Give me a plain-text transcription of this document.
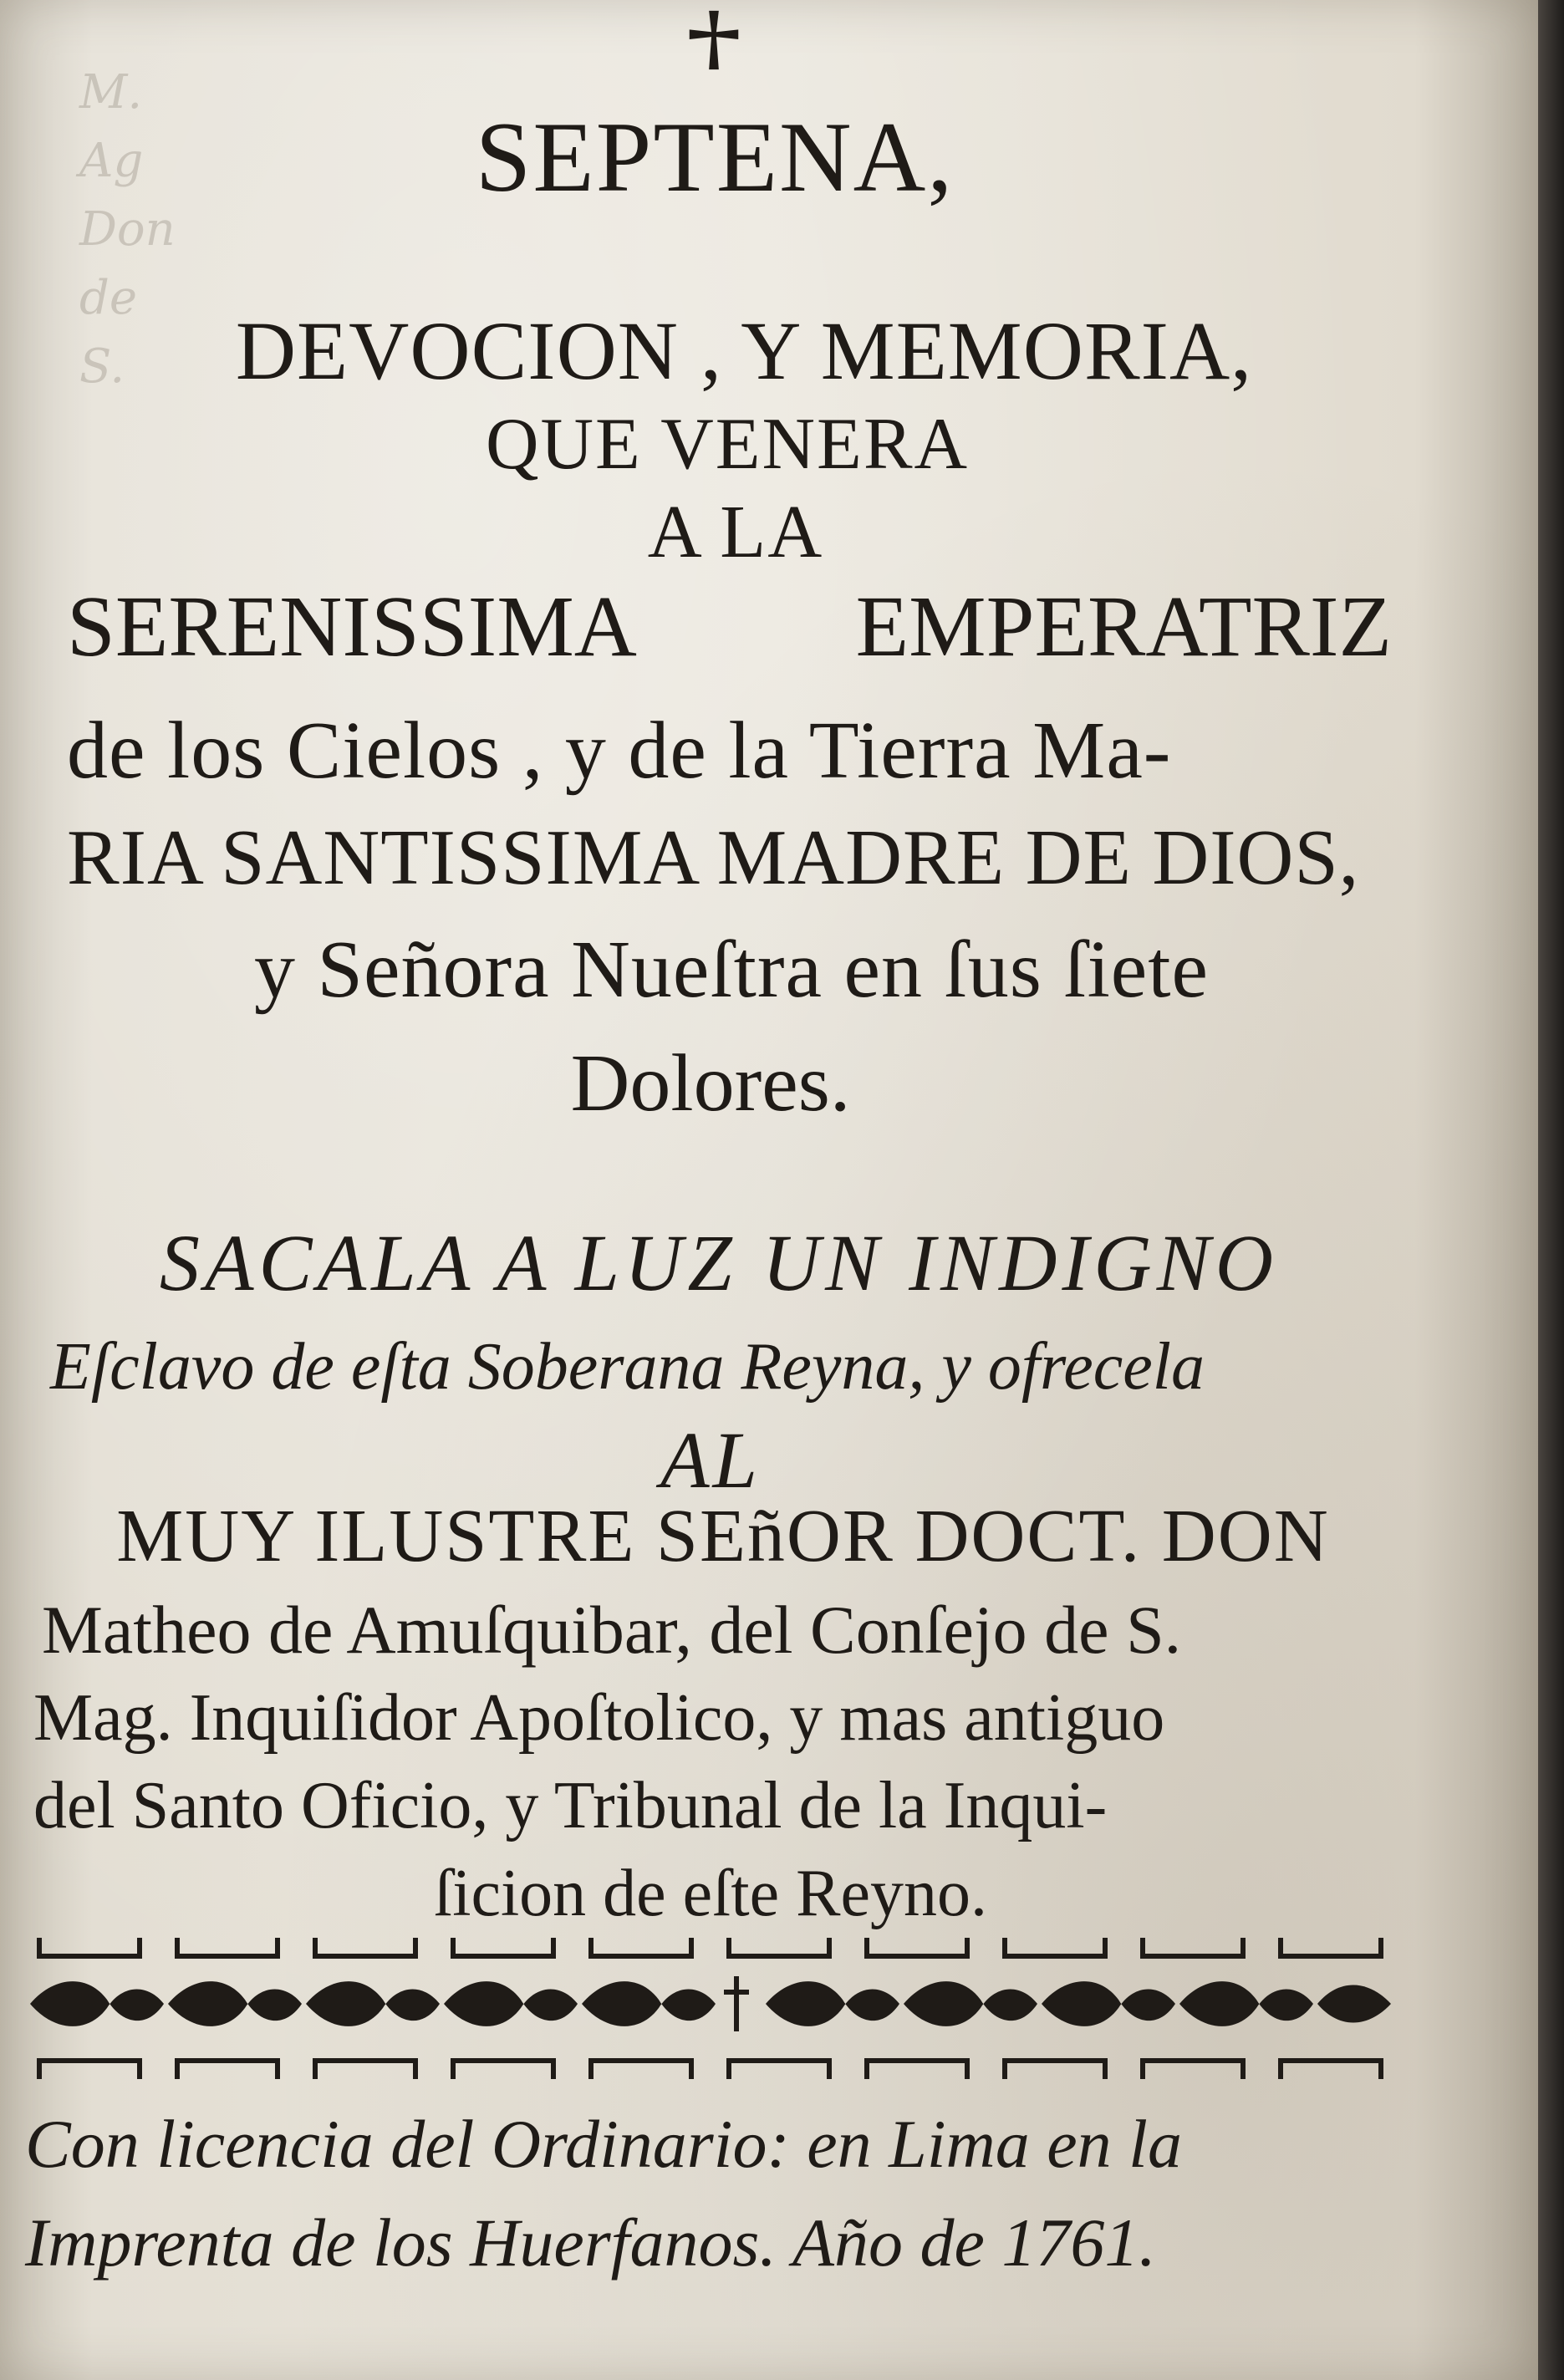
M. Ag
Don
de S.
SEPTENA,
DEVOCION , Y MEMORIA,
QUE VENERA
A LA
SERENISSIMA	EMPERATRIZ
de los Cielos , y de la Tierra Ma-
RIA SANTISSIMA MADRE DE DIOS,
y Señora Nueſtra en ſus ſiete
Dolores.
SACALA A LUZ UN INDIGNO
Eſclavo de eſta Soberana Reyna, y ofrecela
AL
MUY ILUSTRE SEñOR DOCT. DON
Matheo de Amuſquibar, del Conſejo de S.
Mag. Inquiſidor Apoſtolico, y mas antiguo
del Santo Oficio, y Tribunal de la Inqui-
ſicion de eſte Reyno.
Con licencia del Ordinario: en Lima en la
Imprenta de los Huerfanos. Año de 1761.
